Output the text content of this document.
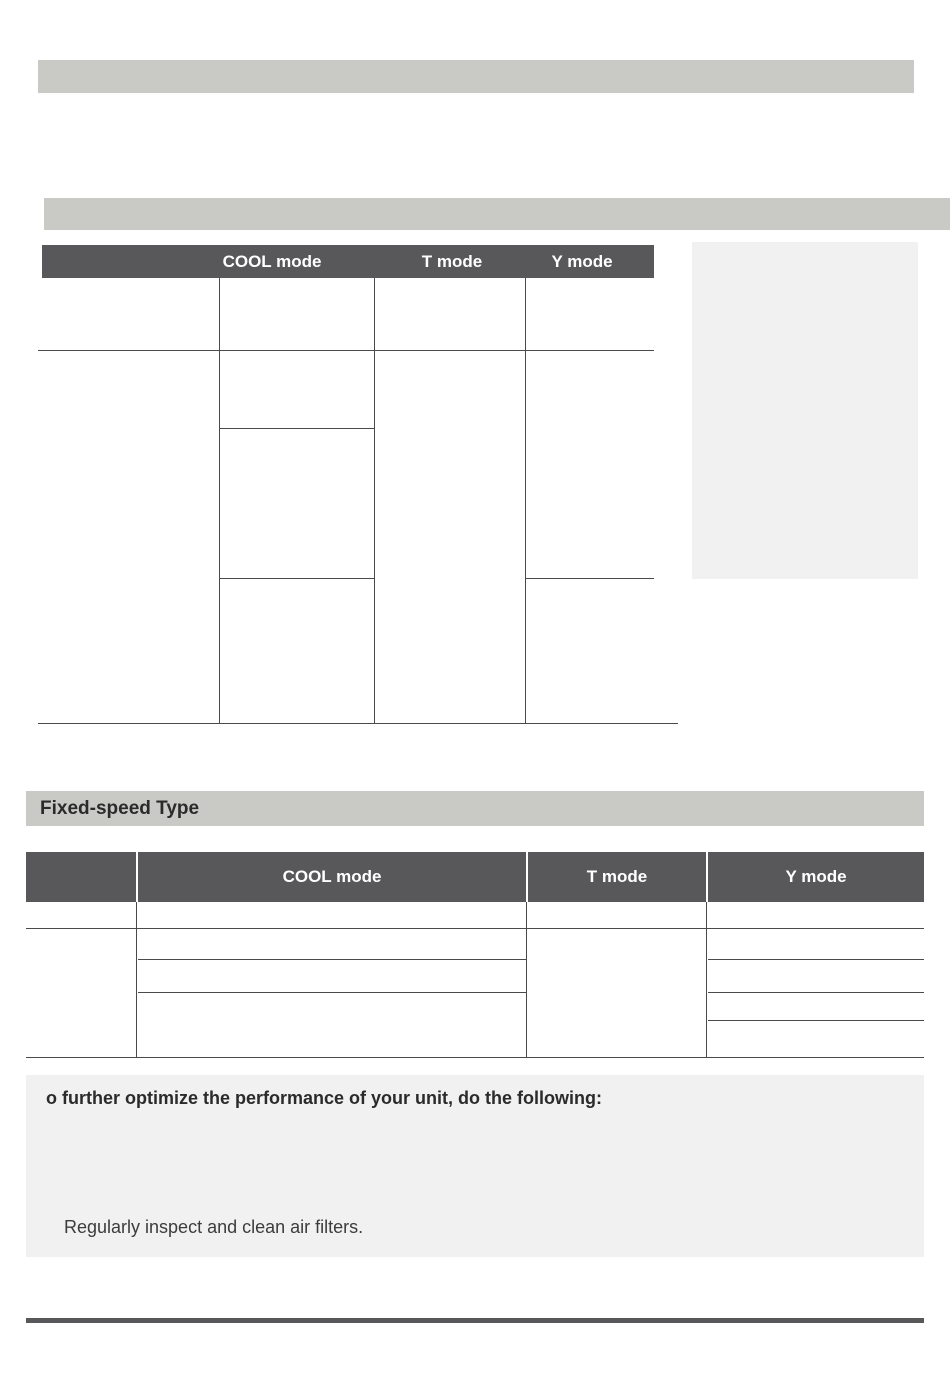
COOL mode	T mode	Y mode
Fixed-speed Type
COOL mode	T mode	Y mode
o further optimize the performance of your unit, do the following:
Regularly inspect and clean air filters.
